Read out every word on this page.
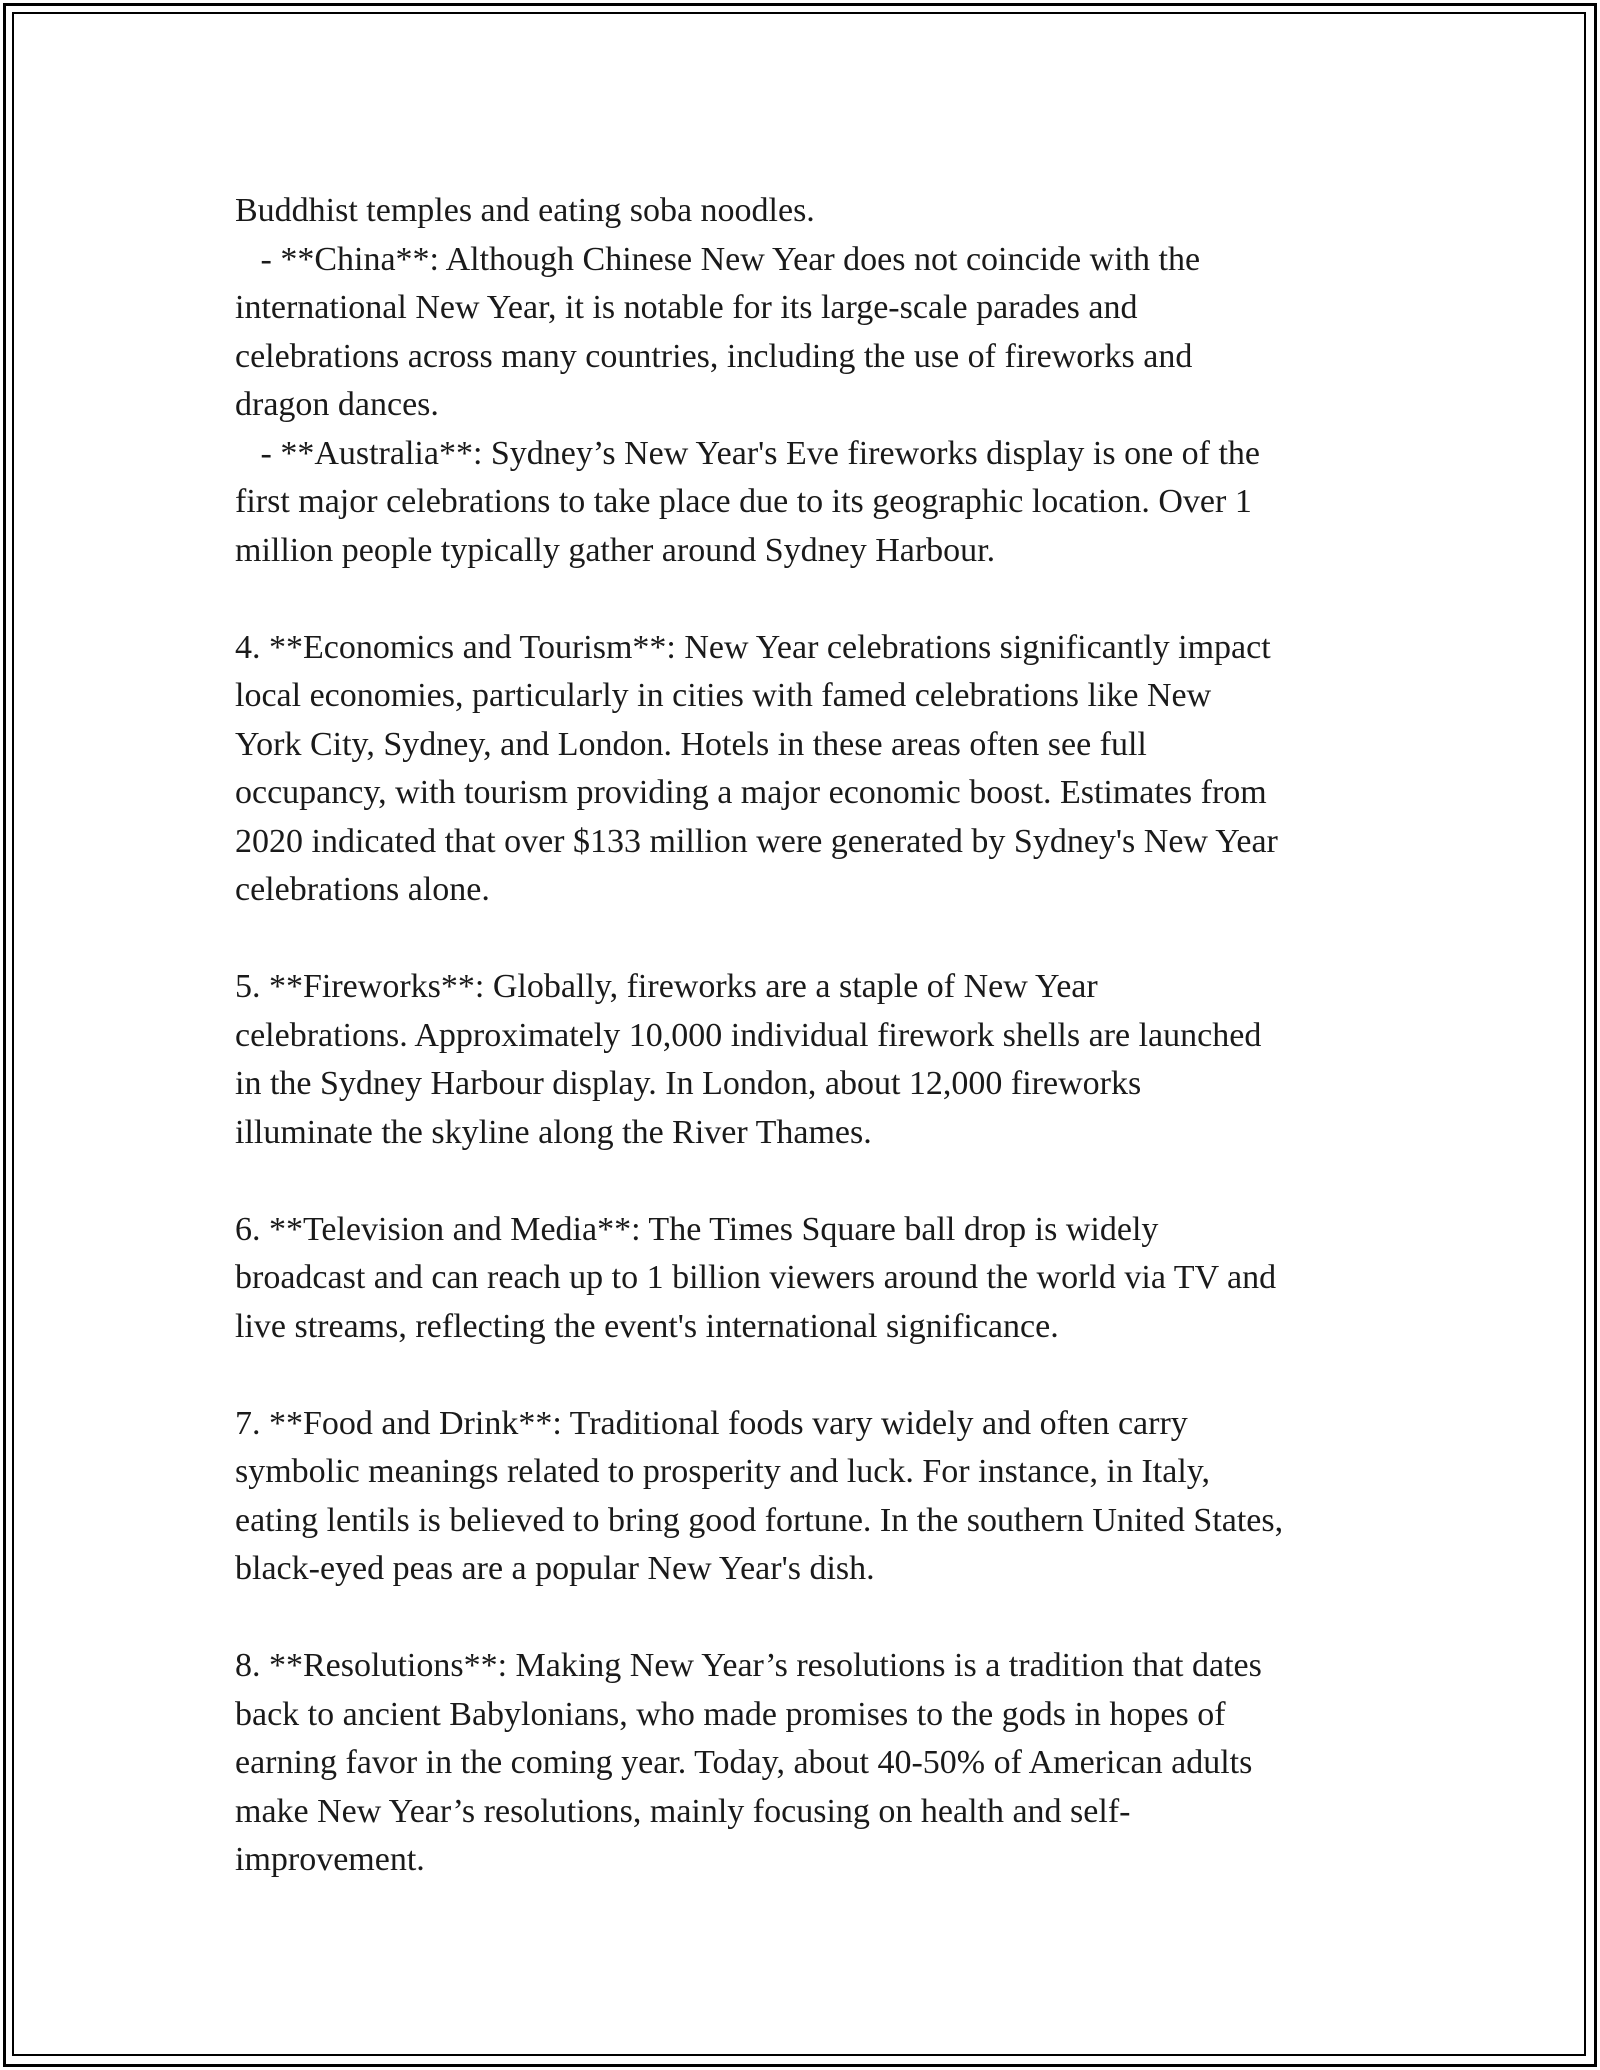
Buddhist temples and eating soba noodles.
- **China**: Although Chinese New Year does not coincide with the
international New Year, it is notable for its large-scale parades and
celebrations across many countries, including the use of fireworks and
dragon dances.
- **Australia**: Sydney’s New Year's Eve fireworks display is one of the
first major celebrations to take place due to its geographic location. Over 1
million people typically gather around Sydney Harbour.
4. **Economics and Tourism**: New Year celebrations significantly impact
local economies, particularly in cities with famed celebrations like New
York City, Sydney, and London. Hotels in these areas often see full
occupancy, with tourism providing a major economic boost. Estimates from
2020 indicated that over $133 million were generated by Sydney's New Year
celebrations alone.
5. **Fireworks**: Globally, fireworks are a staple of New Year
celebrations. Approximately 10,000 individual firework shells are launched
in the Sydney Harbour display. In London, about 12,000 fireworks
illuminate the skyline along the River Thames.
6. **Television and Media**: The Times Square ball drop is widely
broadcast and can reach up to 1 billion viewers around the world via TV and
live streams, reflecting the event's international significance.
7. **Food and Drink**: Traditional foods vary widely and often carry
symbolic meanings related to prosperity and luck. For instance, in Italy,
eating lentils is believed to bring good fortune. In the southern United States,
black-eyed peas are a popular New Year's dish.
8. **Resolutions**: Making New Year’s resolutions is a tradition that dates
back to ancient Babylonians, who made promises to the gods in hopes of
earning favor in the coming year. Today, about 40-50% of American adults
make New Year’s resolutions, mainly focusing on health and self-
improvement.
